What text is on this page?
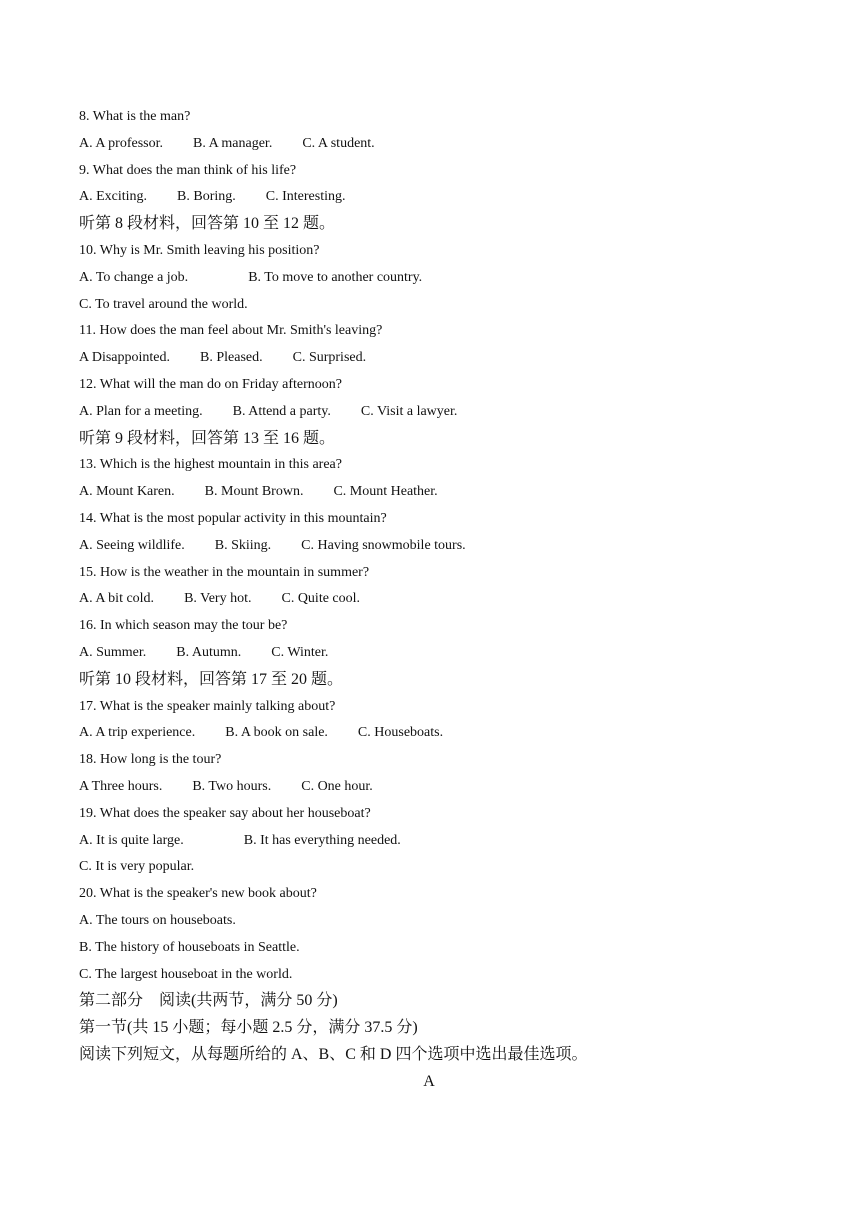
8. What is the man?
A. A professor. B. A manager. C. A student.
9. What does the man think of his life?
A. Exciting. B. Boring. C. Interesting.
听第 8 段材料，回答第 10 至 12 题。
10. Why is Mr. Smith leaving his position?
A. To change a job.	B. To move to another country.
C. To travel around the world.
11. How does the man feel about Mr. Smith's leaving?
A Disappointed. B. Pleased. C. Surprised.
12. What will the man do on Friday afternoon?
A. Plan for a meeting. B. Attend a party. C. Visit a lawyer.
听第 9 段材料，回答第 13 至 16 题。
13. Which is the highest mountain in this area?
A. Mount Karen. B. Mount Brown. C. Mount Heather.
14. What is the most popular activity in this mountain?
A. Seeing wildlife. B. Skiing. C. Having snowmobile tours.
15. How is the weather in the mountain in summer?
A. A bit cold. B. Very hot. C. Quite cool.
16. In which season may the tour be?
A. Summer. B. Autumn. C. Winter.
听第 10 段材料，回答第 17 至 20 题。
17. What is the speaker mainly talking about?
A. A trip experience. B. A book on sale. C. Houseboats.
18. How long is the tour?
A Three hours. B. Two hours. C. One hour.
19. What does the speaker say about her houseboat?
A. It is quite large.	B. It has everything needed.
C. It is very popular.
20. What is the speaker's new book about?
A. The tours on houseboats.
B. The history of houseboats in Seattle.
C. The largest houseboat in the world.
第二部分    阅读(共两节，满分 50 分)
第一节(共 15 小题；每小题 2.5 分，满分 37.5 分)
阅读下列短文，从每题所给的 A、B、C 和 D 四个选项中选出最佳选项。
A
